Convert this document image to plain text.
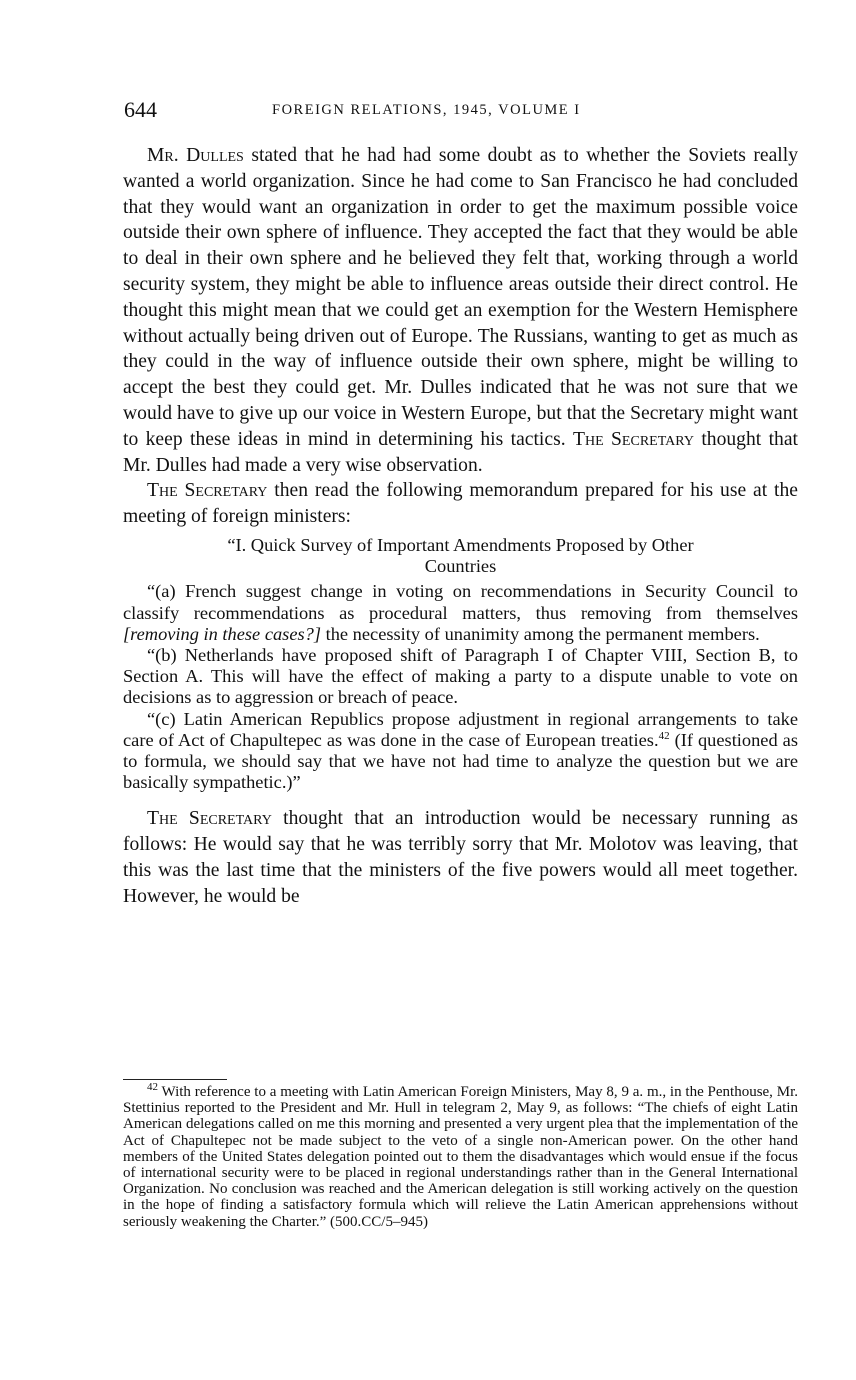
644	FOREIGN RELATIONS, 1945, VOLUME I

Mr. Dulles stated that he had had some doubt as to whether the Soviets really wanted a world organization. Since he had come to San Francisco he had concluded that they would want an organization in order to get the maximum possible voice outside their own sphere of influence. They accepted the fact that they would be able to deal in their own sphere and he believed they felt that, working through a world security system, they might be able to influence areas outside their direct control. He thought this might mean that we could get an exemption for the Western Hemisphere without actually being driven out of Europe. The Russians, wanting to get as much as they could in the way of influence outside their own sphere, might be willing to accept the best they could get. Mr. Dulles indicated that he was not sure that we would have to give up our voice in Western Europe, but that the Secretary might want to keep these ideas in mind in determining his tactics. The Secretary thought that Mr. Dulles had made a very wise observation.

The Secretary then read the following memorandum prepared for his use at the meeting of foreign ministers:

“I. Quick Survey of Important Amendments Proposed by Other
Countries

“(a) French suggest change in voting on recommendations in Security Council to classify recommendations as procedural matters, thus removing from themselves [removing in these cases?] the necessity of unanimity among the permanent members.

“(b) Netherlands have proposed shift of Paragraph I of Chapter VIII, Section B, to Section A. This will have the effect of making a party to a dispute unable to vote on decisions as to aggression or breach of peace.

“(c) Latin American Republics propose adjustment in regional arrangements to take care of Act of Chapultepec as was done in the case of European treaties.$^{42}$ (If questioned as to formula, we should say that we have not had time to analyze the question but we are basically sympathetic.)”

The Secretary thought that an introduction would be necessary running as follows: He would say that he was terribly sorry that Mr. Molotov was leaving, that this was the last time that the ministers of the five powers would all meet together. However, he would be

$^{42}$ With reference to a meeting with Latin American Foreign Ministers, May 8, 9 a. m., in the Penthouse, Mr. Stettinius reported to the President and Mr. Hull in telegram 2, May 9, as follows: “The chiefs of eight Latin American delegations called on me this morning and presented a very urgent plea that the implementation of the Act of Chapultepec not be made subject to the veto of a single non-American power. On the other hand members of the United States delegation pointed out to them the disadvantages which would ensue if the focus of international security were to be placed in regional understandings rather than in the General International Organization. No conclusion was reached and the American delegation is still working actively on the question in the hope of finding a satisfactory formula which will relieve the Latin American apprehensions without seriously weakening the Charter.” (500.CC/5–945)
